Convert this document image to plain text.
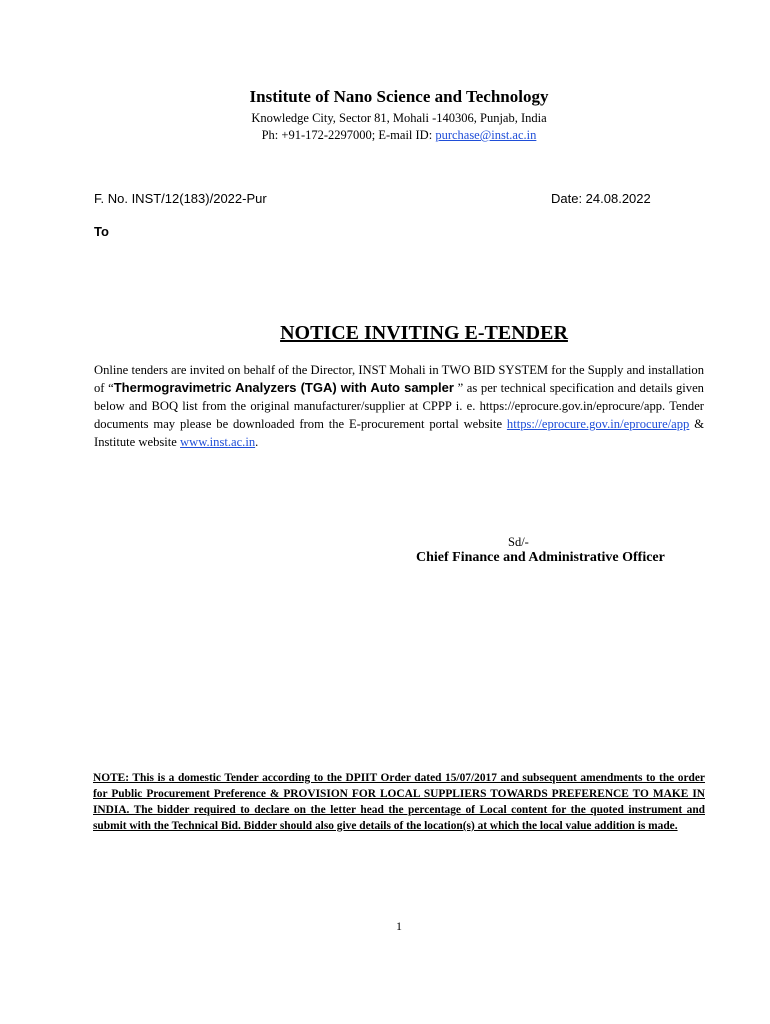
Institute of Nano Science and Technology
Knowledge City, Sector 81, Mohali -140306, Punjab, India
Ph: +91-172-2297000; E-mail ID: purchase@inst.ac.in
F. No. INST/12(183)/2022-Pur	Date: 24.08.2022
To
NOTICE INVITING E-TENDER
Online tenders are invited on behalf of the Director, INST Mohali in TWO BID SYSTEM for the Supply and installation of “Thermogravimetric Analyzers (TGA) with Auto sampler ” as per technical specification and details given below and BOQ list from the original manufacturer/supplier at CPPP i. e. https://eprocure.gov.in/eprocure/app. Tender documents may please be downloaded from the E-procurement portal website https://eprocure.gov.in/eprocure/app & Institute website www.inst.ac.in.
Sd/-
Chief Finance and Administrative Officer
NOTE: This is a domestic Tender according to the DPIIT Order dated 15/07/2017 and subsequent amendments to the order for Public Procurement Preference & PROVISION FOR LOCAL SUPPLIERS TOWARDS PREFERENCE TO MAKE IN INDIA. The bidder required to declare on the letter head the percentage of Local content for the quoted instrument and submit with the Technical Bid. Bidder should also give details of the location(s) at which the local value addition is made.
1
